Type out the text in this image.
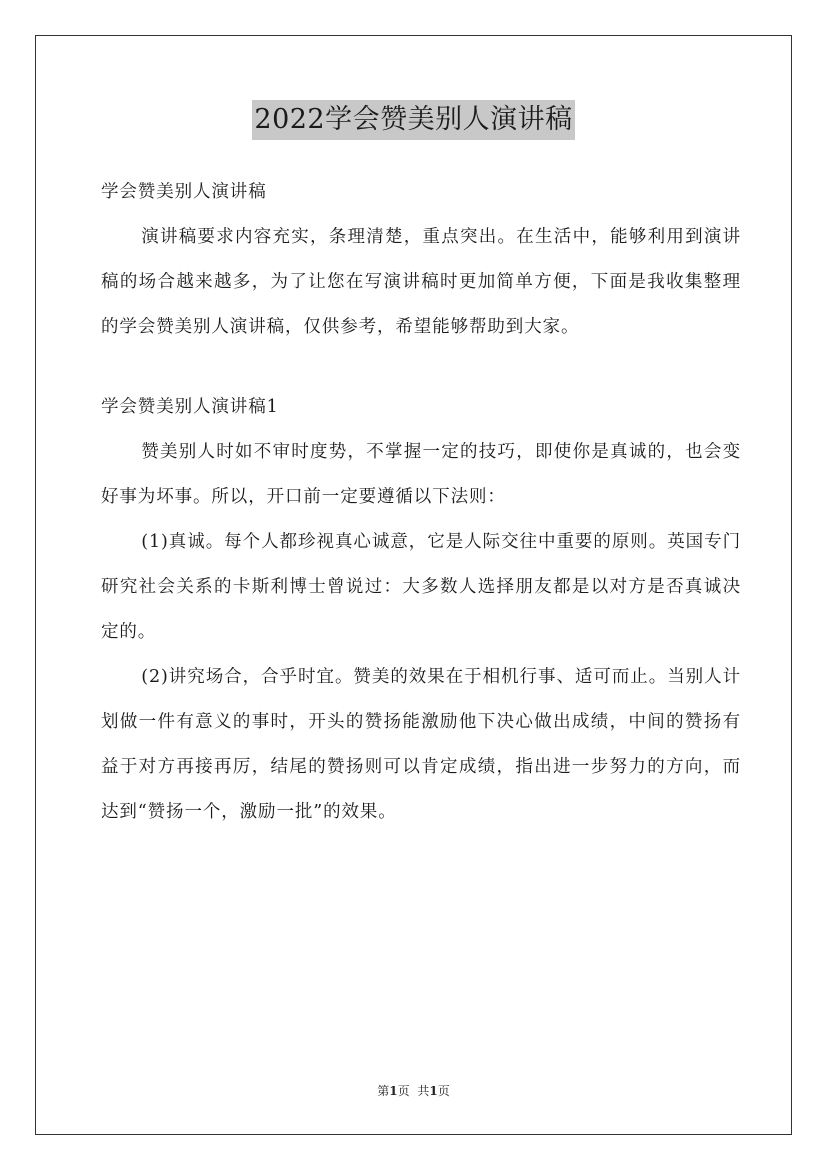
2022学会赞美别人演讲稿

学会赞美别人演讲稿

演讲稿要求内容充实，条理清楚，重点突出。在生活中，能够利用到演讲稿的场合越来越多，为了让您在写演讲稿时更加简单方便，下面是我收集整理的学会赞美别人演讲稿，仅供参考，希望能够帮助到大家。

学会赞美别人演讲稿1

赞美别人时如不审时度势，不掌握一定的技巧，即使你是真诚的，也会变好事为坏事。所以，开口前一定要遵循以下法则：

(1)真诚。每个人都珍视真心诚意，它是人际交往中重要的原则。英国专门研究社会关系的卡斯利博士曾说过：大多数人选择朋友都是以对方是否真诚决定的。

(2)讲究场合，合乎时宜。赞美的效果在于相机行事、适可而止。当别人计划做一件有意义的事时，开头的赞扬能激励他下决心做出成绩，中间的赞扬有益于对方再接再厉，结尾的赞扬则可以肯定成绩，指出进一步努力的方向，而达到“赞扬一个，激励一批”的效果。

第1页 共1页
